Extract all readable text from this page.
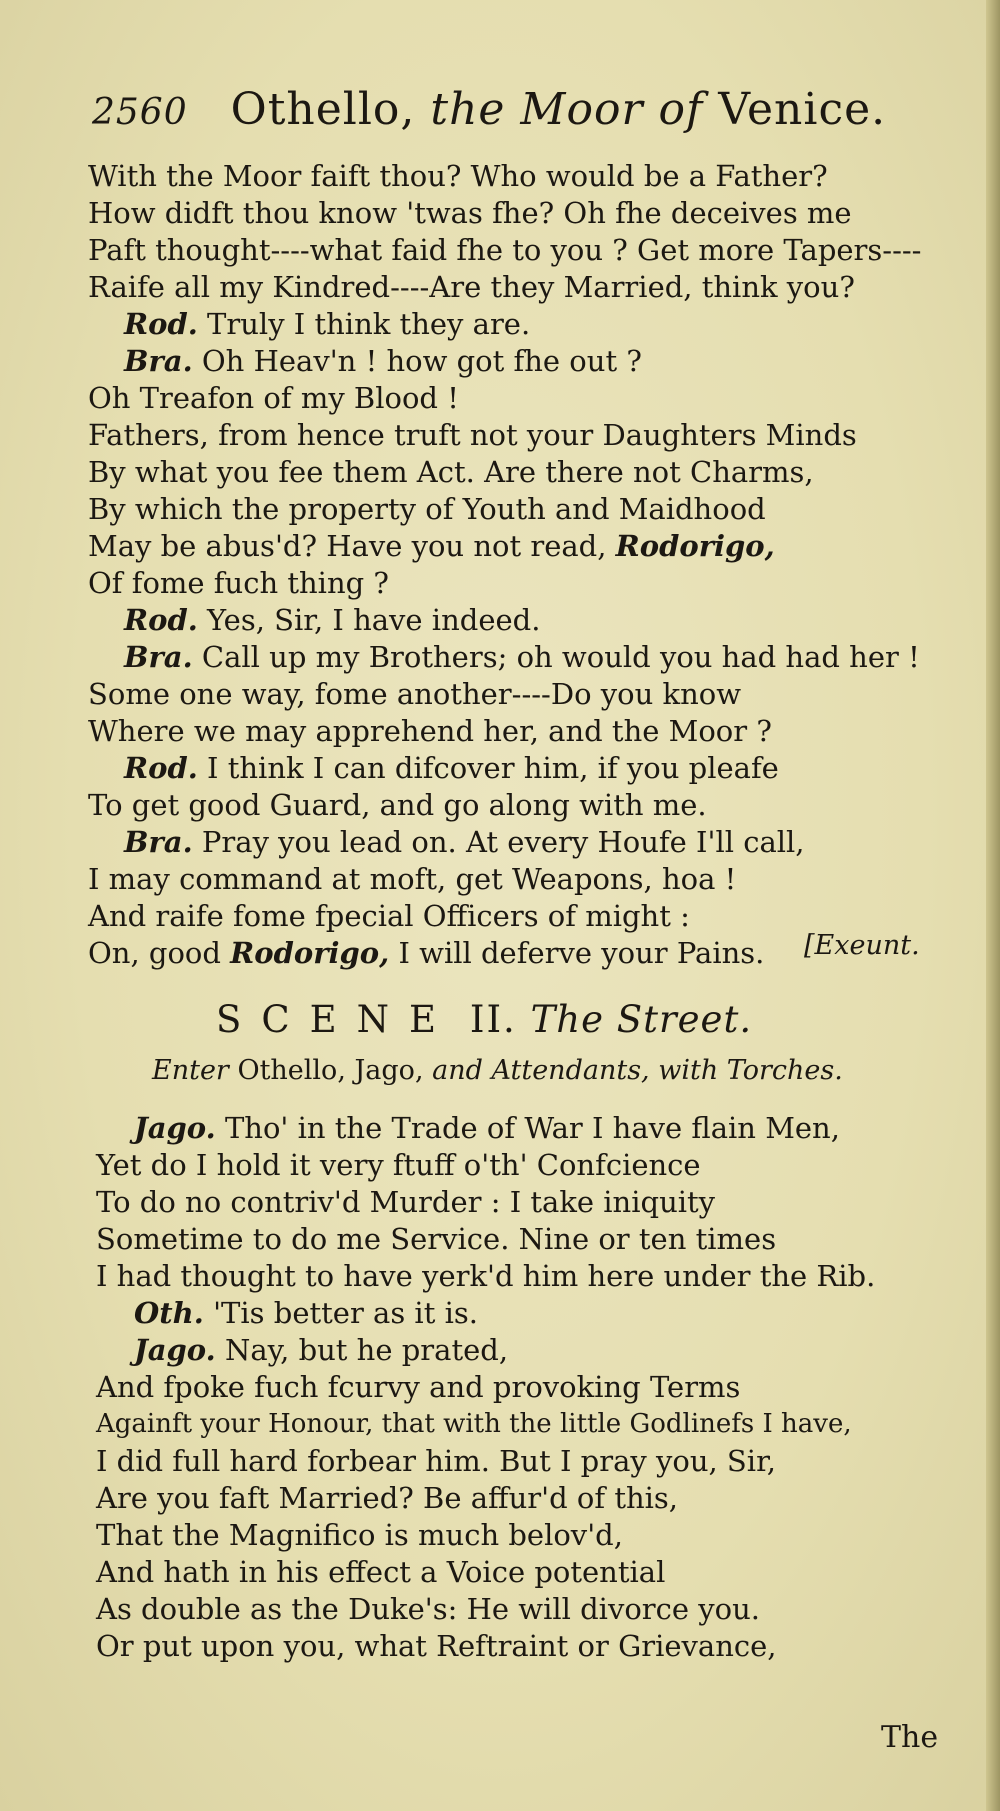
2560 Othello, the Moor of Venice.
With the Moor faift thou? Who would be a Father?
How didft thou know 'twas fhe? Oh fhe deceives me
Paft thought----what faid fhe to you ? Get more Tapers----
Raife all my Kindred----Are they Married, think you?
Rod. Truly I think they are.
Bra. Oh Heav'n ! how got fhe out ?
Oh Treafon of my Blood !
Fathers, from hence truft not your Daughters Minds
By what you fee them Act. Are there not Charms,
By which the property of Youth and Maidhood
May be abus'd? Have you not read, Rodorigo,
Of fome fuch thing ?
Rod. Yes, Sir, I have indeed.
Bra. Call up my Brothers; oh would you had had her !
Some one way, fome another----Do you know
Where we may apprehend her, and the Moor ?
Rod. I think I can difcover him, if you pleafe
To get good Guard, and go along with me.
Bra. Pray you lead on. At every Houfe I'll call,
I may command at moft, get Weapons, hoa !
And raife fome fpecial Officers of might :
On, good Rodorigo, I will deferve your Pains. [Exeunt.
SCENE II. The Street.
Enter Othello, Jago, and Attendants, with Torches.
Jago. Tho' in the Trade of War I have flain Men,
Yet do I hold it very ftuff o'th' Confcience
To do no contriv'd Murder : I take iniquity
Sometime to do me Service. Nine or ten times
I had thought to have yerk'd him here under the Rib.
Oth. 'Tis better as it is.
Jago. Nay, but he prated,
And fpoke fuch fcurvy and provoking Terms
Againft your Honour, that with the little Godlinefs I have,
I did full hard forbear him. But I pray you, Sir,
Are you faft Married? Be affur'd of this,
That the Magnifico is much belov'd,
And hath in his effect a Voice potential
As double as the Duke's: He will divorce you.
Or put upon you, what Reftraint or Grievance,
The
